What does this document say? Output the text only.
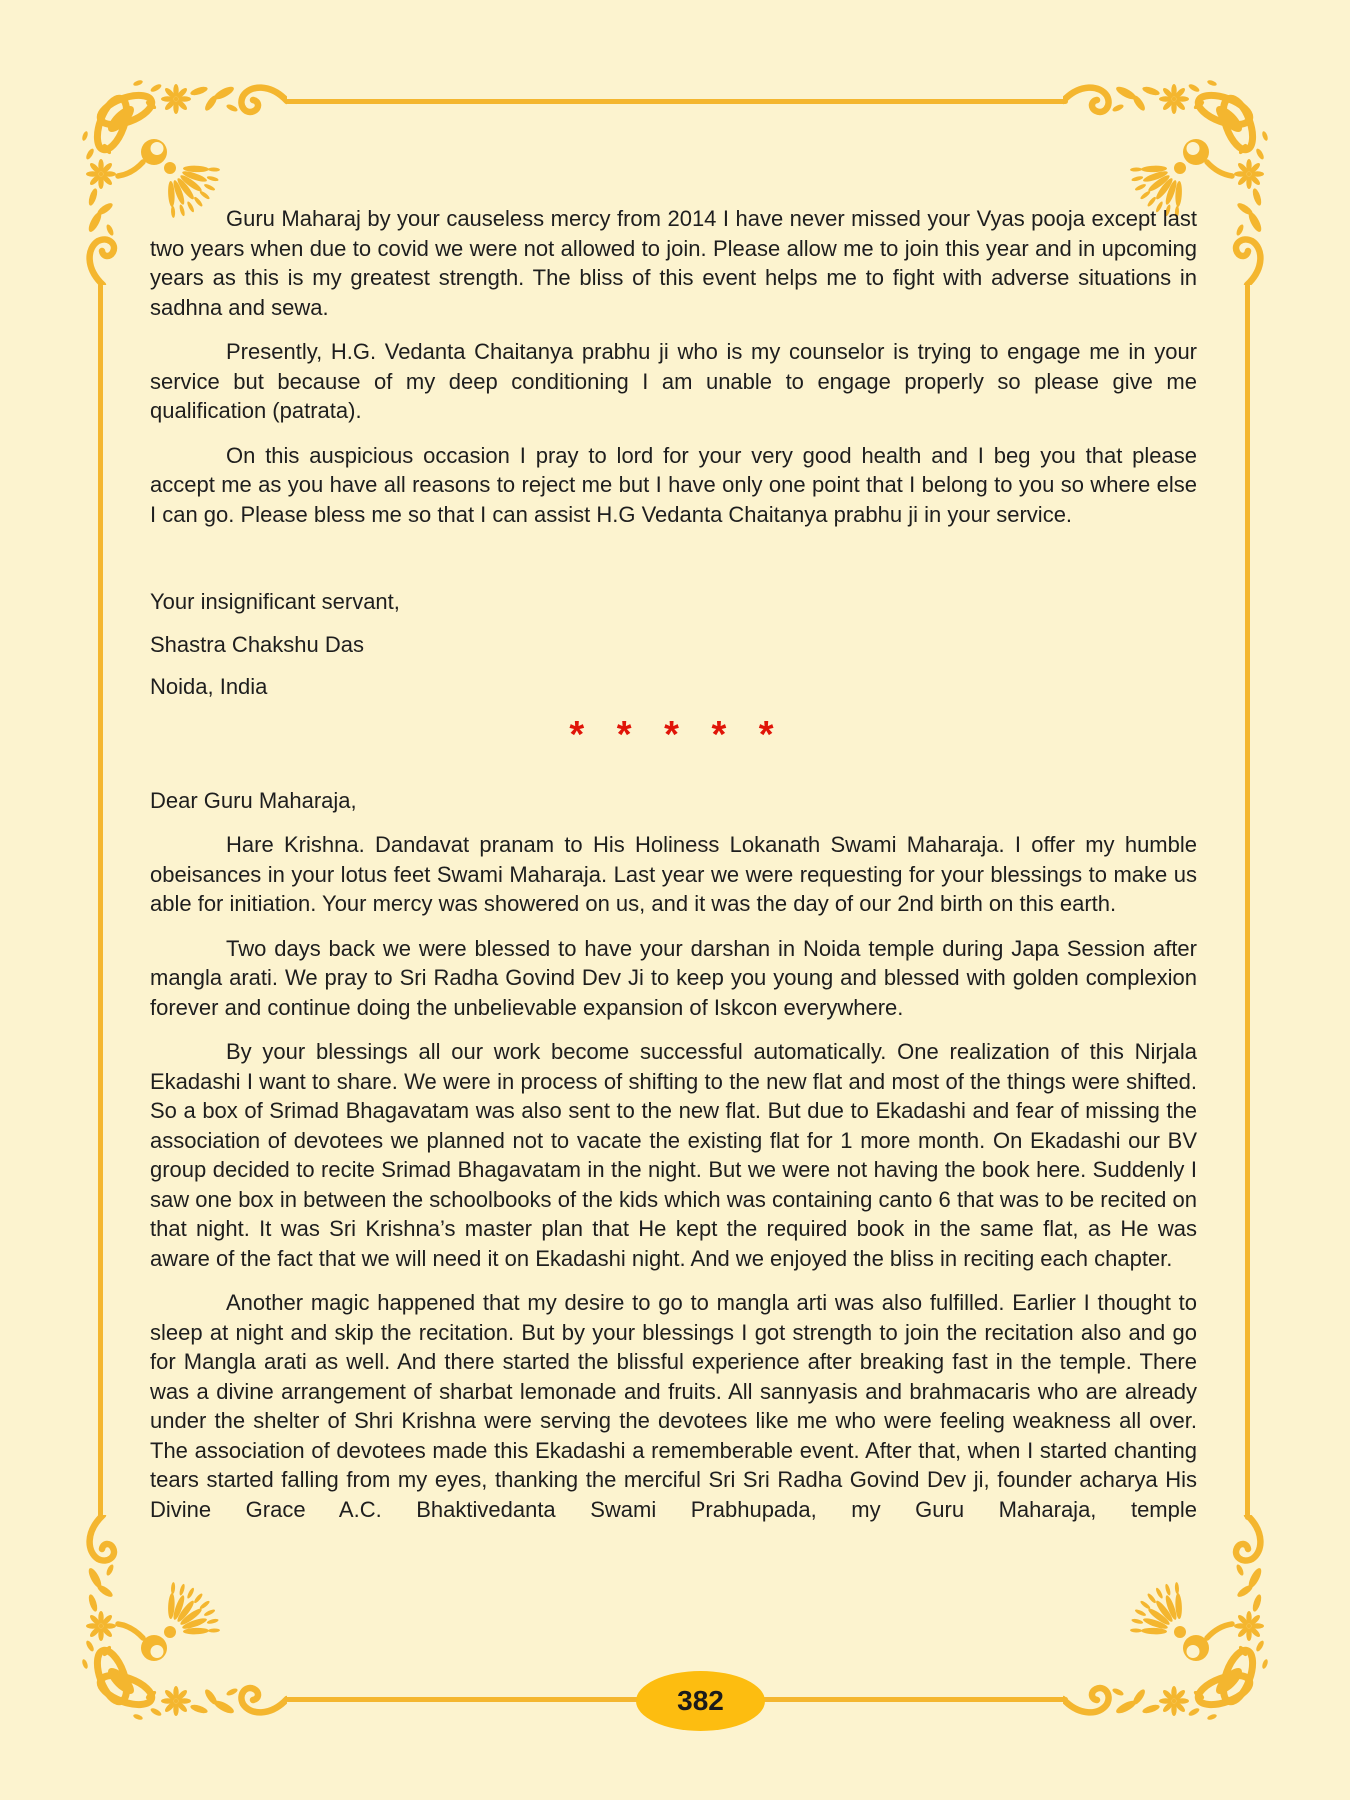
Guru Maharaj by your causeless mercy from 2014 I have never missed your Vyas pooja except last two years when due to covid we were not allowed to join. Please allow me to join this year and in upcoming years as this is my greatest strength. The bliss of this event helps me to fight with adverse situations in sadhna and sewa.

Presently, H.G. Vedanta Chaitanya prabhu ji who is my counselor is trying to engage me in your service but because of my deep conditioning I am unable to engage properly so please give me qualification (patrata).

On this auspicious occasion I pray to lord for your very good health and I beg you that please accept me as you have all reasons to reject me but I have only one point that I belong to you so where else I can go. Please bless me so that I can assist H.G Vedanta Chaitanya prabhu ji in your service.

Your insignificant servant,

Shastra Chakshu Das

Noida, India

* * * * *

Dear Guru Maharaja,

Hare Krishna. Dandavat pranam to His Holiness Lokanath Swami Maharaja. I offer my humble obeisances in your lotus feet Swami Maharaja. Last year we were requesting for your blessings to make us able for initiation. Your mercy was showered on us, and it was the day of our 2nd birth on this earth.

Two days back we were blessed to have your darshan in Noida temple during Japa Session after mangla arati. We pray to Sri Radha Govind Dev Ji to keep you young and blessed with golden complexion forever and continue doing the unbelievable expansion of Iskcon everywhere.

By your blessings all our work become successful automatically. One realization of this Nirjala Ekadashi I want to share. We were in process of shifting to the new flat and most of the things were shifted. So a box of Srimad Bhagavatam was also sent to the new flat. But due to Ekadashi and fear of missing the association of devotees we planned not to vacate the existing flat for 1 more month. On Ekadashi our BV group decided to recite Srimad Bhagavatam in the night. But we were not having the book here. Suddenly I saw one box in between the schoolbooks of the kids which was containing canto 6 that was to be recited on that night. It was Sri Krishna’s master plan that He kept the required book in the same flat, as He was aware of the fact that we will need it on Ekadashi night. And we enjoyed the bliss in reciting each chapter.

Another magic happened that my desire to go to mangla arti was also fulfilled. Earlier I thought to sleep at night and skip the recitation. But by your blessings I got strength to join the recitation also and go for Mangla arati as well. And there started the blissful experience after breaking fast in the temple. There was a divine arrangement of sharbat lemonade and fruits. All sannyasis and brahmacaris who are already under the shelter of Shri Krishna were serving the devotees like me who were feeling weakness all over. The association of devotees made this Ekadashi a rememberable event. After that, when I started chanting tears started falling from my eyes, thanking the merciful Sri Sri Radha Govind Dev ji, founder acharya His Divine Grace A.C. Bhaktivedanta Swami Prabhupada, my Guru Maharaja, temple

382
